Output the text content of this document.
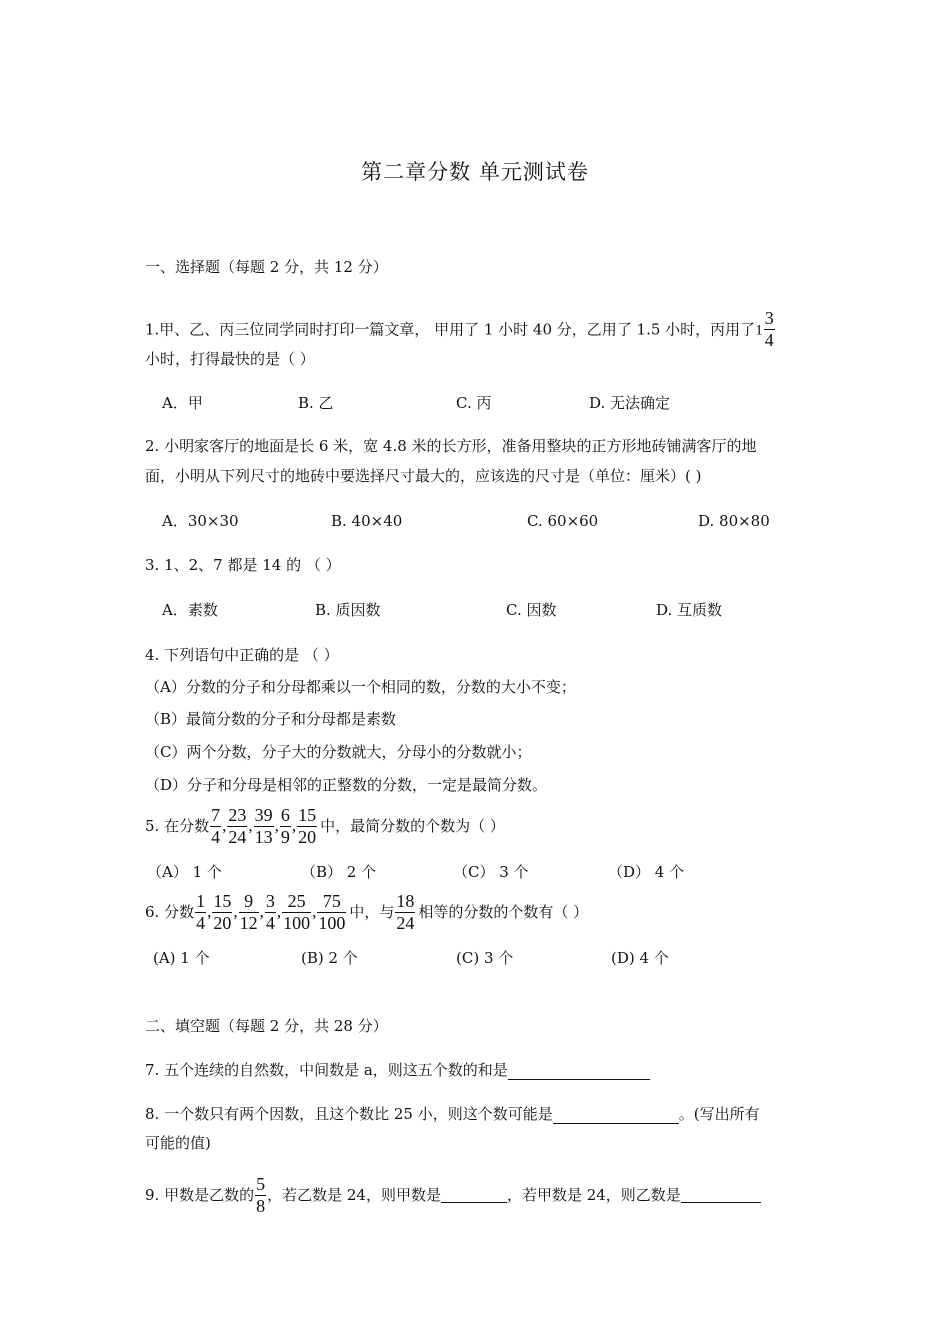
第二章分数 单元测试卷
一、选择题（每题 2 分，共 12 分）
1.甲、乙、丙三位同学同时打印一篇文章， 甲用了 1 小时 40 分，乙用了 1.5 小时，丙用了$1 \frac{3}{4}$
小时，打得最快的是（ ）
A．甲	B. 乙	C. 丙	D. 无法确定
2. 小明家客厅的地面是长 6 米，宽 4.8 米的长方形，准备用整块的正方形地砖铺满客厅的地
面，小明从下列尺寸的地砖中要选择尺寸最大的，应该选的尺寸是（单位：厘米）( )
A．30×30	B. 40×40	C. 60×60	D. 80×80
3. 1、2、7 都是 14 的 （ ）
A．素数	B. 质因数	C. 因数	D. 互质数
4. 下列语句中正确的是 （ ）
（A）分数的分子和分母都乘以一个相同的数，分数的大小不变；
（B）最简分数的分子和分母都是素数
（C）两个分数，分子大的分数就大，分母小的分数就小；
（D）分子和分母是相邻的正整数的分数，一定是最简分数。
5. 在分数 $\frac{7}{4}$ , $\frac{23}{24}$ , $\frac{39}{13}$ , $\frac{6}{9}$ , $\frac{15}{20}$ 中，最简分数的个数为（ ）
（A） 1 个	（B） 2 个	（C） 3 个	（D） 4 个
6. 分数 $\frac{1}{4}$ , $\frac{15}{20}$ , $\frac{9}{12}$ , $\frac{3}{4}$ , $\frac{25}{100}$ , $\frac{75}{100}$ 中，与 $\frac{18}{24}$ 相等的分数的个数有（ ）
(A) 1 个	(B) 2 个	(C) 3 个	(D) 4 个
二、填空题（每题 2 分，共 28 分）
7. 五个连续的自然数，中间数是 a，则这五个数的和是
8. 一个数只有两个因数，且这个数比 25 小，则这个数可能是	。(写出所有
可能的值)
9. 甲数是乙数的 $\frac{5}{8}$ ，若乙数是 24，则甲数是	，若甲数是 24，则乙数是
